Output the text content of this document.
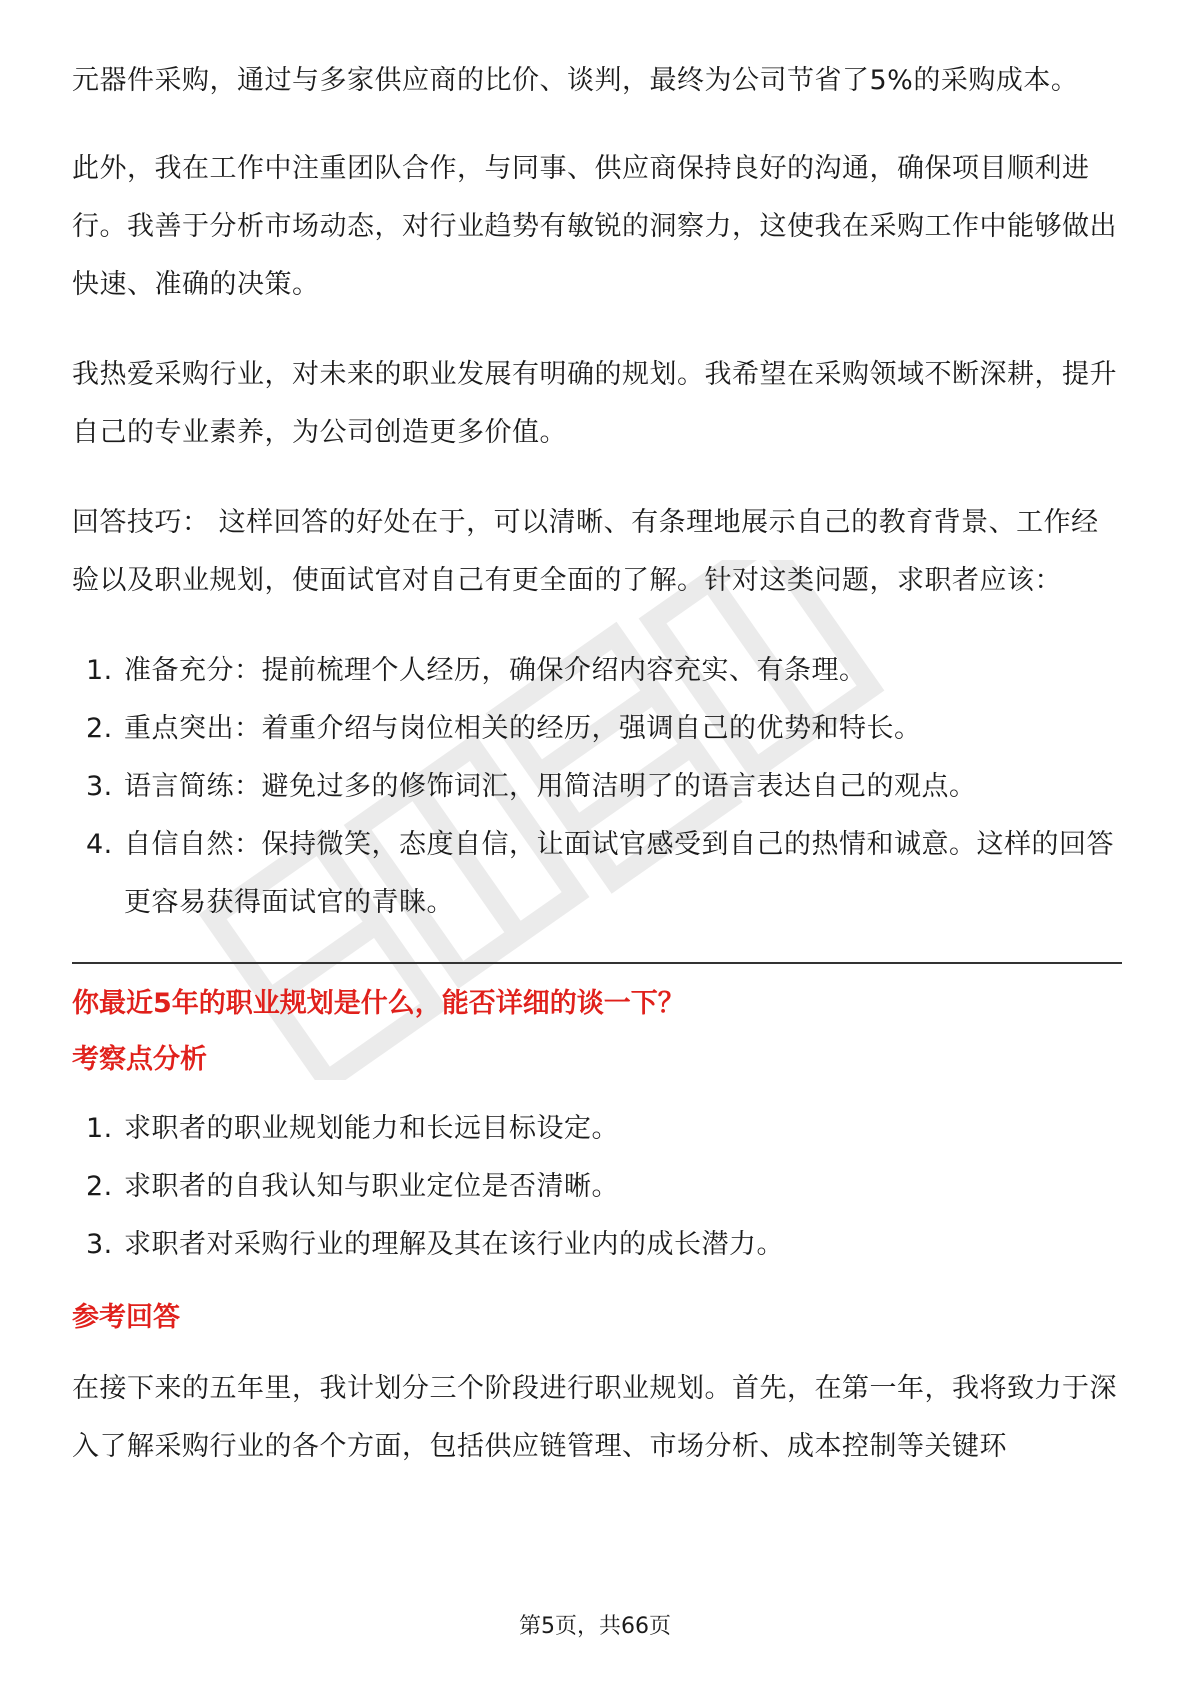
元器件采购，通过与多家供应商的比价、谈判，最终为公司节省了5%的采购成本。

此外，我在工作中注重团队合作，与同事、供应商保持良好的沟通，确保项目顺利进行。我善于分析市场动态，对行业趋势有敏锐的洞察力，这使我在采购工作中能够做出快速、准确的决策。

我热爱采购行业，对未来的职业发展有明确的规划。我希望在采购领域不断深耕，提升自己的专业素养，为公司创造更多价值。

回答技巧： 这样回答的好处在于，可以清晰、有条理地展示自己的教育背景、工作经验以及职业规划，使面试官对自己有更全面的了解。针对这类问题，求职者应该：

1. 准备充分：提前梳理个人经历，确保介绍内容充实、有条理。
2. 重点突出：着重介绍与岗位相关的经历，强调自己的优势和特长。
3. 语言简练：避免过多的修饰词汇，用简洁明了的语言表达自己的观点。
4. 自信自然：保持微笑，态度自信，让面试官感受到自己的热情和诚意。这样的回答更容易获得面试官的青睐。

你最近5年的职业规划是什么，能否详细的谈一下？

考察点分析

1. 求职者的职业规划能力和长远目标设定。
2. 求职者的自我认知与职业定位是否清晰。
3. 求职者对采购行业的理解及其在该行业内的成长潜力。

参考回答

在接下来的五年里，我计划分三个阶段进行职业规划。首先，在第一年，我将致力于深入了解采购行业的各个方面，包括供应链管理、市场分析、成本控制等关键环

第5页，共66页
